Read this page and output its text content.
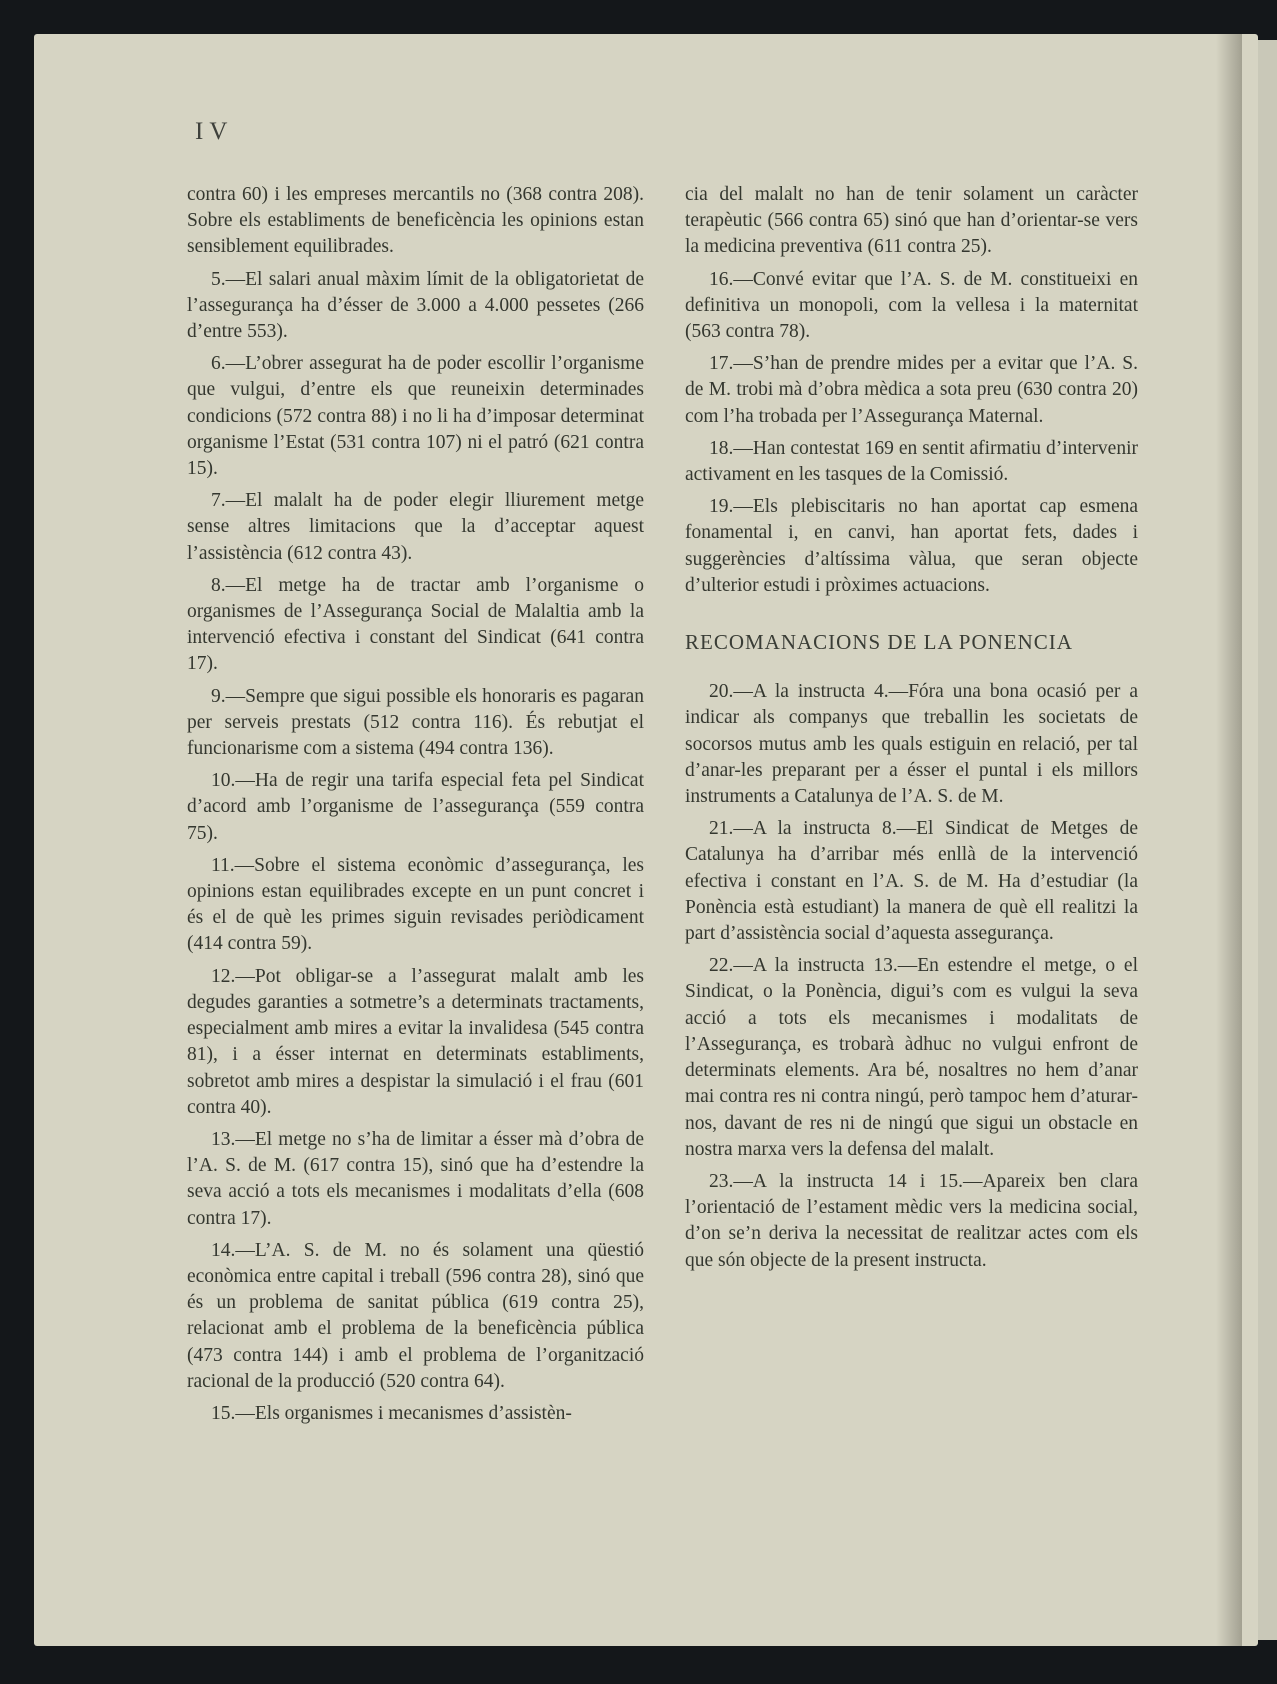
IV

contra 60) i les empreses mercantils no (368 contra 208). Sobre els establiments de beneficència les opinions estan sensiblement equilibrades.

5.—El salari anual màxim límit de la obligatorietat de l’assegurança ha d’ésser de 3.000 a 4.000 pessetes (266 d’entre 553).

6.—L’obrer assegurat ha de poder escollir l’organisme que vulgui, d’entre els que reuneixin determinades condicions (572 contra 88) i no li ha d’imposar determinat organisme l’Estat (531 contra 107) ni el patró (621 contra 15).

7.—El malalt ha de poder elegir lliurement metge sense altres limitacions que la d’acceptar aquest l’assistència (612 contra 43).

8.—El metge ha de tractar amb l’organisme o organismes de l’Assegurança Social de Malaltia amb la intervenció efectiva i constant del Sindicat (641 contra 17).

9.—Sempre que sigui possible els honoraris es pagaran per serveis prestats (512 contra 116). És rebutjat el funcionarisme com a sistema (494 contra 136).

10.—Ha de regir una tarifa especial feta pel Sindicat d’acord amb l’organisme de l’assegurança (559 contra 75).

11.—Sobre el sistema econòmic d’assegurança, les opinions estan equilibrades excepte en un punt concret i és el de què les primes siguin revisades periòdicament (414 contra 59).

12.—Pot obligar-se a l’assegurat malalt amb les degudes garanties a sotmetre’s a determinats tractaments, especialment amb mires a evitar la invalidesa (545 contra 81), i a ésser internat en determinats establiments, sobretot amb mires a despistar la simulació i el frau (601 contra 40).

13.—El metge no s’ha de limitar a ésser mà d’obra de l’A. S. de M. (617 contra 15), sinó que ha d’estendre la seva acció a tots els mecanismes i modalitats d’ella (608 contra 17).

14.—L’A. S. de M. no és solament una qüestió econòmica entre capital i treball (596 contra 28), sinó que és un problema de sanitat pública (619 contra 25), relacionat amb el problema de la beneficència pública (473 contra 144) i amb el problema de l’organització racional de la producció (520 contra 64).

15.—Els organismes i mecanismes d’assistèn-

cia del malalt no han de tenir solament un caràcter terapèutic (566 contra 65) sinó que han d’orientar-se vers la medicina preventiva (611 contra 25).

16.—Convé evitar que l’A. S. de M. constitueixi en definitiva un monopoli, com la vellesa i la maternitat (563 contra 78).

17.—S’han de prendre mides per a evitar que l’A. S. de M. trobi mà d’obra mèdica a sota preu (630 contra 20) com l’ha trobada per l’Assegurança Maternal.

18.—Han contestat 169 en sentit afirmatiu d’intervenir activament en les tasques de la Comissió.

19.—Els plebiscitaris no han aportat cap esmena fonamental i, en canvi, han aportat fets, dades i suggerències d’altíssima vàlua, que seran objecte d’ulterior estudi i pròximes actuacions.

RECOMANACIONS DE LA PONENCIA

20.—A la instructa 4.—Fóra una bona ocasió per a indicar als companys que treballin les societats de socorsos mutus amb les quals estiguin en relació, per tal d’anar-les preparant per a ésser el puntal i els millors instruments a Catalunya de l’A. S. de M.

21.—A la instructa 8.—El Sindicat de Metges de Catalunya ha d’arribar més enllà de la intervenció efectiva i constant en l’A. S. de M. Ha d’estudiar (la Ponència està estudiant) la manera de què ell realitzi la part d’assistència social d’aquesta assegurança.

22.—A la instructa 13.—En estendre el metge, o el Sindicat, o la Ponència, digui’s com es vulgui la seva acció a tots els mecanismes i modalitats de l’Assegurança, es trobarà àdhuc no vulgui enfront de determinats elements. Ara bé, nosaltres no hem d’anar mai contra res ni contra ningú, però tampoc hem d’aturar-nos, davant de res ni de ningú que sigui un obstacle en nostra marxa vers la defensa del malalt.

23.—A la instructa 14 i 15.—Apareix ben clara l’orientació de l’estament mèdic vers la medicina social, d’on se’n deriva la necessitat de realitzar actes com els que són objecte de la present instructa.
